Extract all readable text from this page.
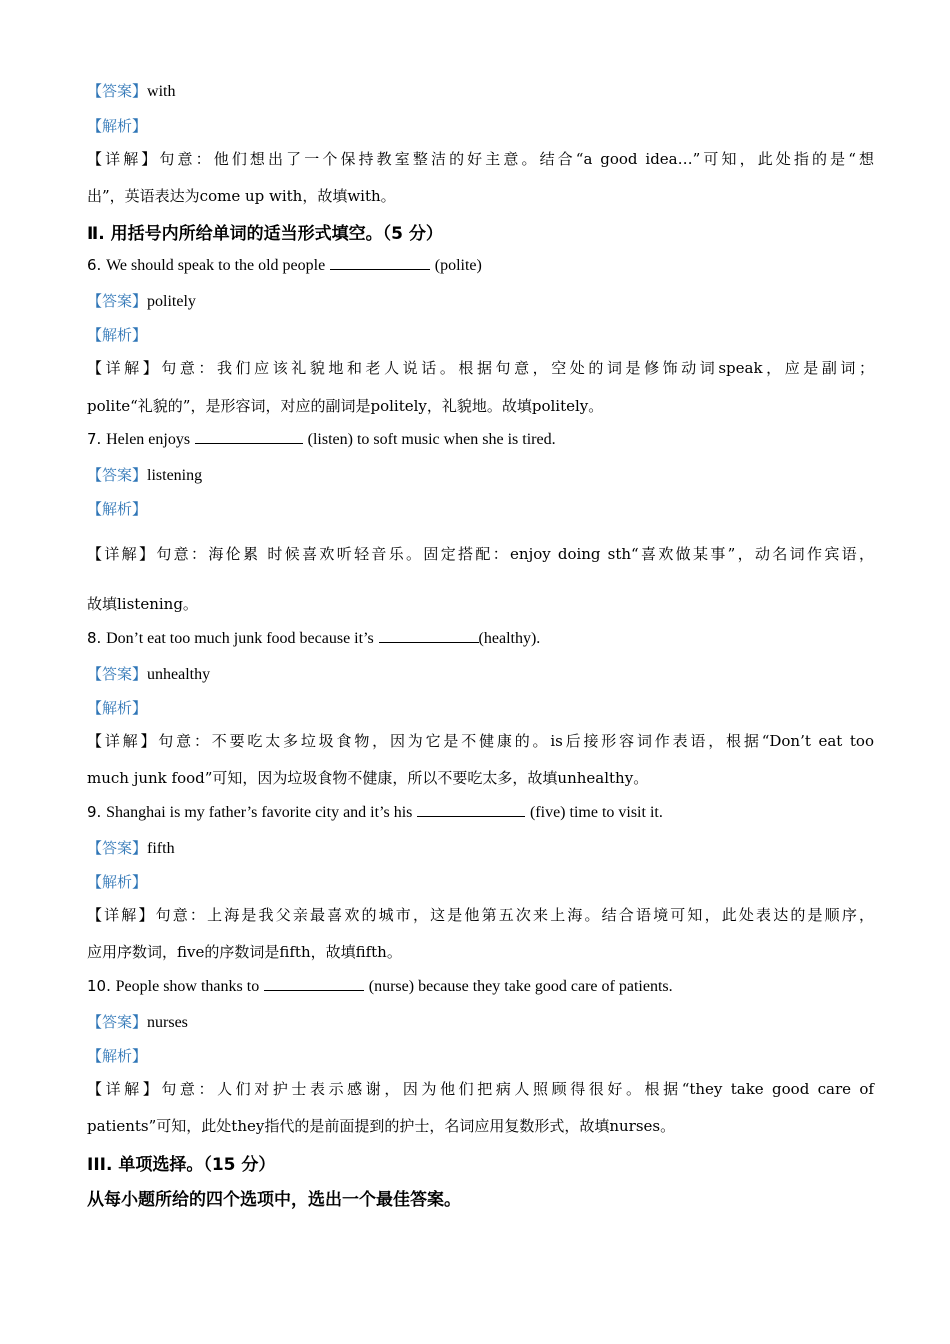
【答案】with

【解析】

【详解】句意：他们想出了一个保持教室整洁的好主意。结合“a good idea…”可知，此处指的是“想

出”，英语表达为come up with，故填with。

Ⅱ. 用括号内所给单词的适当形式填空。（5 分）

6. We should speak to the old people	(polite)

【答案】politely

【解析】

【详解】句意：我们应该礼貌地和老人说话。根据句意，空处的词是修饰动词speak，应是副词；

polite“礼貌的”，是形容词，对应的副词是politely，礼貌地。故填politely。

7. Helen enjoys	(listen) to soft music when she is tired.

【答案】listening

【解析】

【详解】句意：海伦累 时候喜欢听轻音乐。固定搭配：enjoy doing sth“喜欢做某事”，动名词作宾语，

故填listening。

8. Don’t eat too much junk food because it’s	(healthy).

【答案】unhealthy

【解析】

【详解】句意：不要吃太多垃圾食物，因为它是不健康的。is后接形容词作表语，根据“Don’t eat too

much junk food”可知，因为垃圾食物不健康，所以不要吃太多，故填unhealthy。

9. Shanghai is my father’s favorite city and it’s his	(five) time to visit it.

【答案】fifth

【解析】

【详解】句意：上海是我父亲最喜欢的城市，这是他第五次来上海。结合语境可知，此处表达的是顺序，

应用序数词，five的序数词是fifth，故填fifth。

10. People show thanks to	(nurse) because they take good care of patients.

【答案】nurses

【解析】

【详解】句意：人们对护士表示感谢，因为他们把病人照顾得很好。根据“they take good care of

patients”可知，此处they指代的是前面提到的护士，名词应用复数形式，故填nurses。

III. 单项选择。（15 分）

从每小题所给的四个选项中，选出一个最佳答案。
